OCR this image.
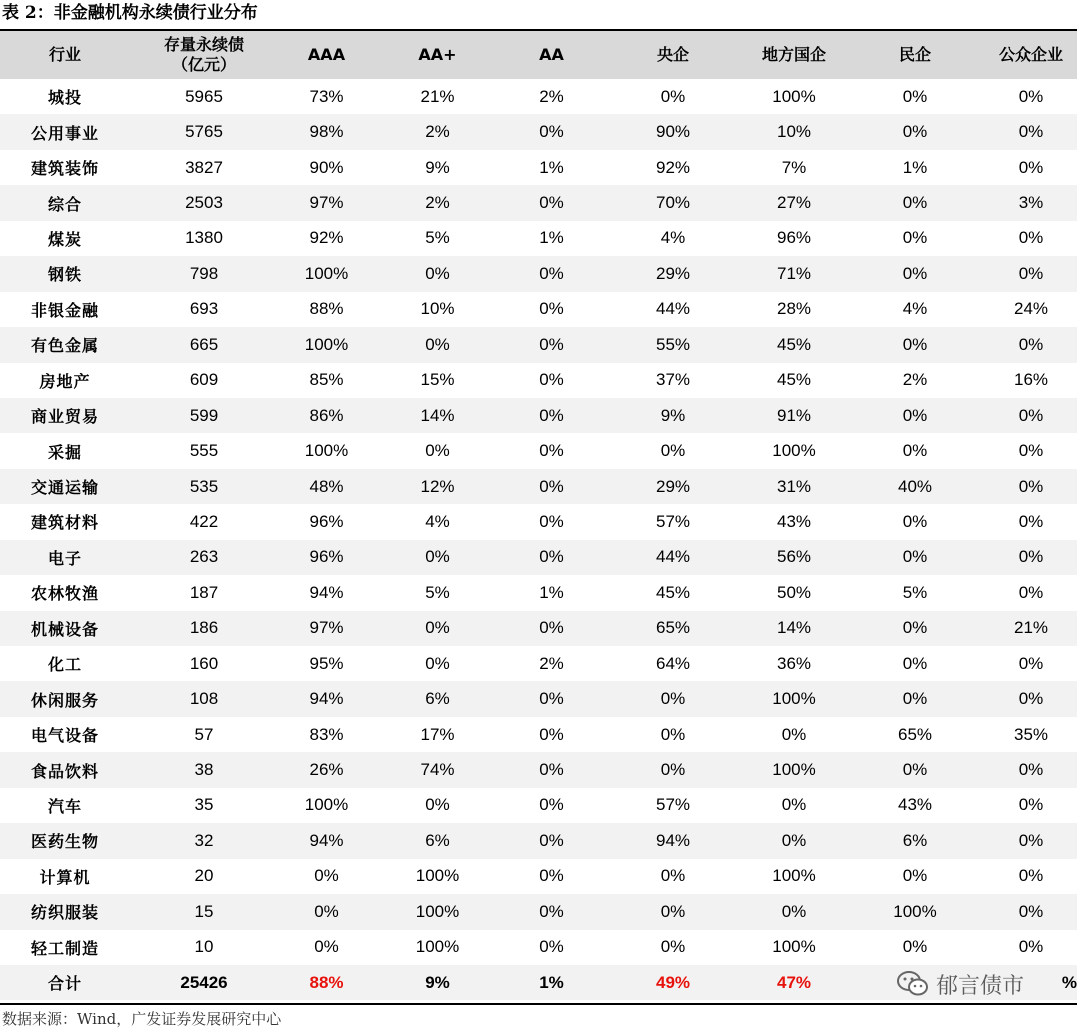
表 2：非金融机构永续债行业分布
行业	存量永续债
（亿元）	AAA	AA+	AA	央企	地方国企	民企	公众企业
城投	5965	73%	21%	2%	0%	100%	0%	0%
公用事业	5765	98%	2%	0%	90%	10%	0%	0%
建筑装饰	3827	90%	9%	1%	92%	7%	1%	0%
综合	2503	97%	2%	0%	70%	27%	0%	3%
煤炭	1380	92%	5%	1%	4%	96%	0%	0%
钢铁	798	100%	0%	0%	29%	71%	0%	0%
非银金融	693	88%	10%	0%	44%	28%	4%	24%
有色金属	665	100%	0%	0%	55%	45%	0%	0%
房地产	609	85%	15%	0%	37%	45%	2%	16%
商业贸易	599	86%	14%	0%	9%	91%	0%	0%
采掘	555	100%	0%	0%	0%	100%	0%	0%
交通运输	535	48%	12%	0%	29%	31%	40%	0%
建筑材料	422	96%	4%	0%	57%	43%	0%	0%
电子	263	96%	0%	0%	44%	56%	0%	0%
农林牧渔	187	94%	5%	1%	45%	50%	5%	0%
机械设备	186	97%	0%	0%	65%	14%	0%	21%
化工	160	95%	0%	2%	64%	36%	0%	0%
休闲服务	108	94%	6%	0%	0%	100%	0%	0%
电气设备	57	83%	17%	0%	0%	0%	65%	35%
食品饮料	38	26%	74%	0%	0%	100%	0%	0%
汽车	35	100%	0%	0%	57%	0%	43%	0%
医药生物	32	94%	6%	0%	94%	0%	6%	0%
计算机	20	0%	100%	0%	0%	100%	0%	0%
纺织服装	15	0%	100%	0%	0%	0%	100%	0%
轻工制造	10	0%	100%	0%	0%	100%	0%	0%
合计	25426	88%	9%	1%	49%	47%		%
数据来源：Wind，广发证券发展研究中心
郁言债市
